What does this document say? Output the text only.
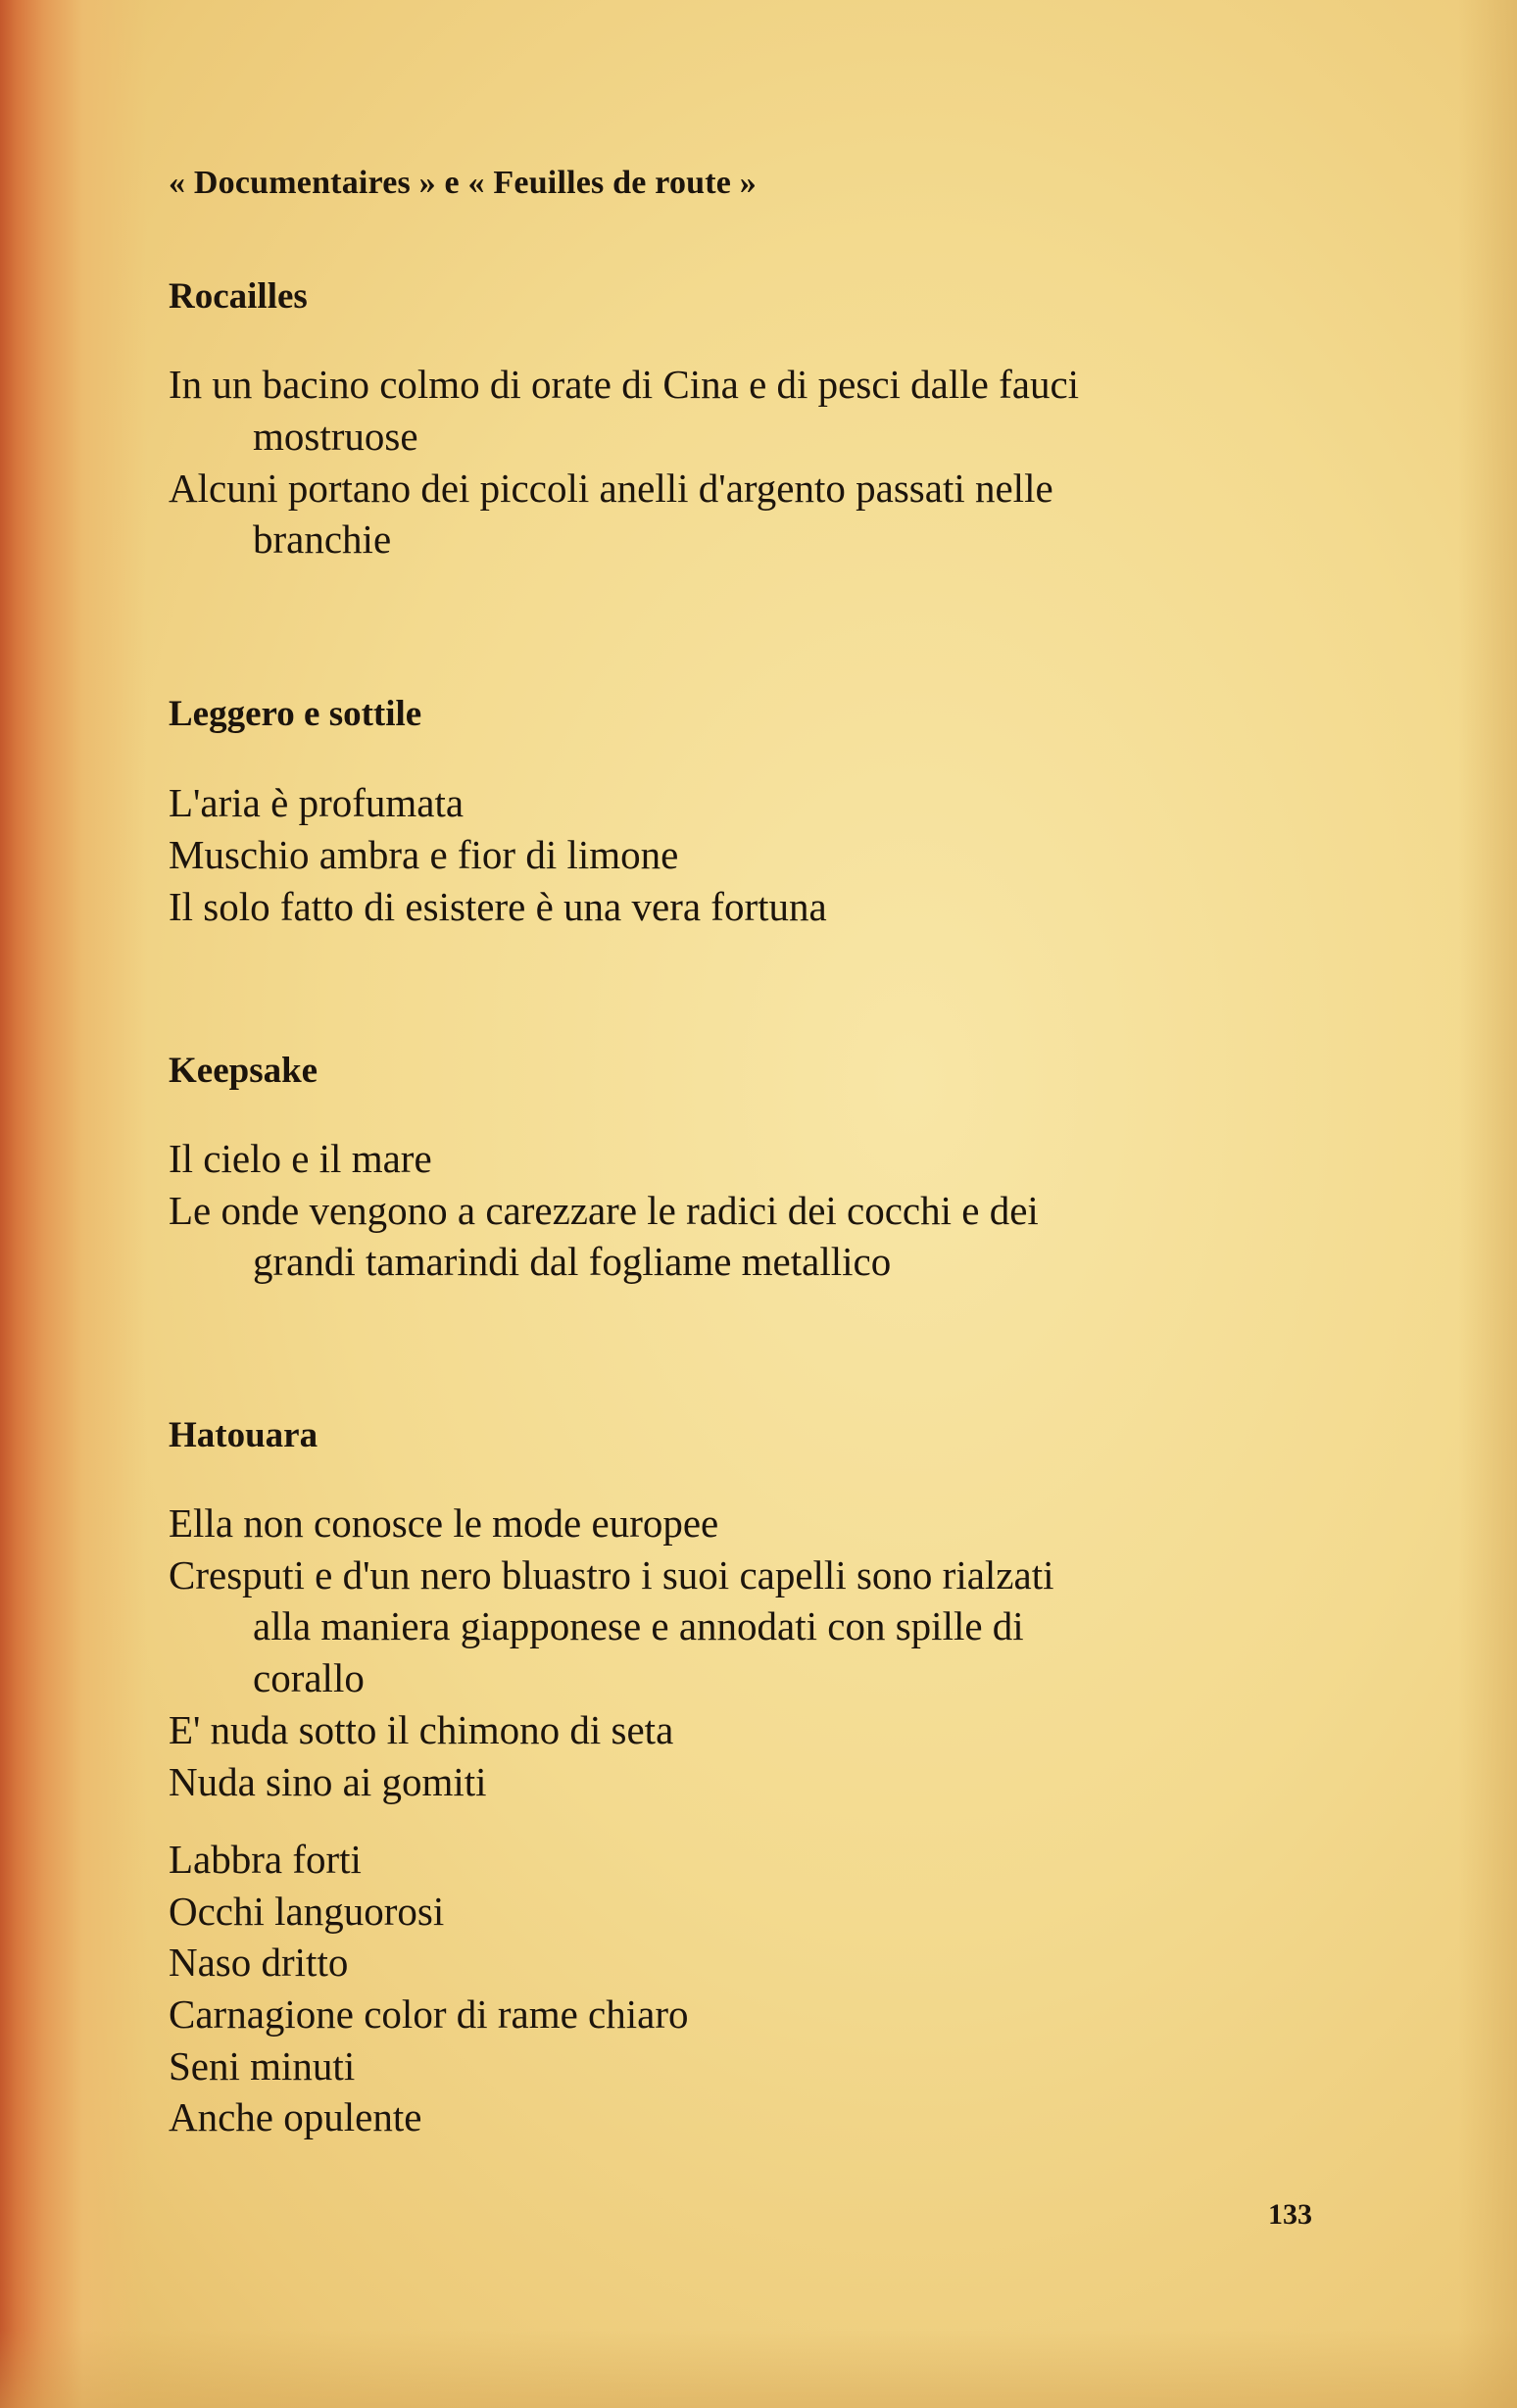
« Documentaires » e « Feuilles de route »
Rocailles
In un bacino colmo di orate di Cina e di pesci dalle fauci
mostruose
Alcuni portano dei piccoli anelli d'argento passati nelle
branchie
Leggero e sottile
L'aria è profumata
Muschio ambra e fior di limone
Il solo fatto di esistere è una vera fortuna
Keepsake
Il cielo e il mare
Le onde vengono a carezzare le radici dei cocchi e dei
grandi tamarindi dal fogliame metallico
Hatouara
Ella non conosce le mode europee
Cresputi e d'un nero bluastro i suoi capelli sono rialzati
alla maniera giapponese e annodati con spille di
corallo
E' nuda sotto il chimono di seta
Nuda sino ai gomiti
Labbra forti
Occhi languorosi
Naso dritto
Carnagione color di rame chiaro
Seni minuti
Anche opulente
133
